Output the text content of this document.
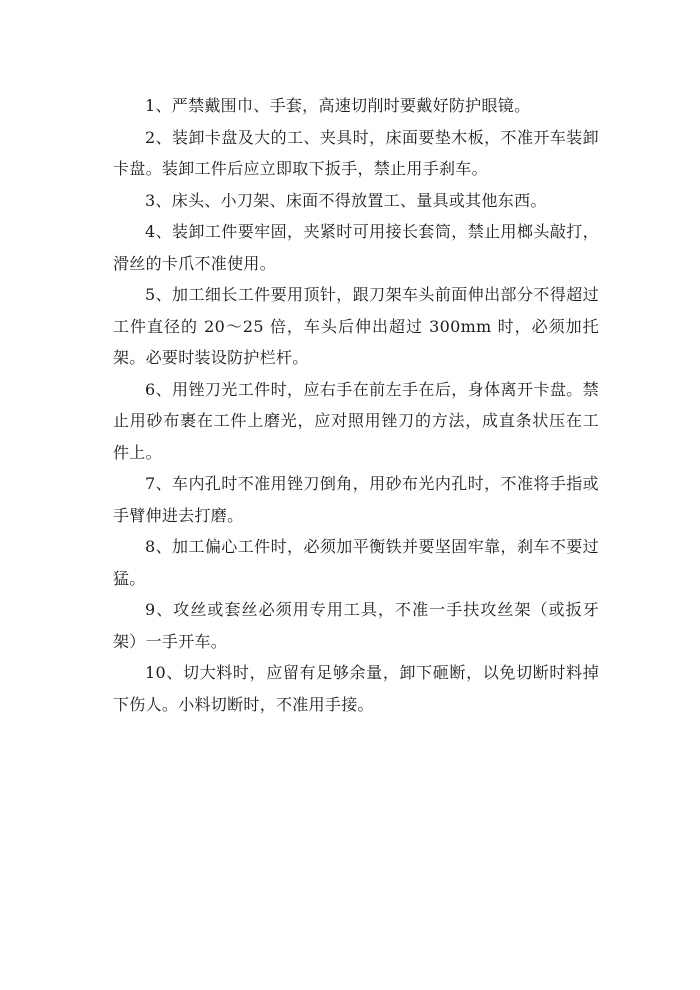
1、严禁戴围巾、手套，高速切削时要戴好防护眼镜。

2、装卸卡盘及大的工、夹具时，床面要垫木板，不准开车装卸卡盘。装卸工件后应立即取下扳手，禁止用手刹车。

3、床头、小刀架、床面不得放置工、量具或其他东西。

4、装卸工件要牢固，夹紧时可用接长套筒，禁止用榔头敲打，滑丝的卡爪不准使用。

5、加工细长工件要用顶针，跟刀架车头前面伸出部分不得超过工件直径的 20～25 倍，车头后伸出超过 300mm 时，必须加托架。必要时装设防护栏杆。

6、用锉刀光工件时，应右手在前左手在后，身体离开卡盘。禁止用砂布裹在工件上磨光，应对照用锉刀的方法，成直条状压在工件上。

7、车内孔时不准用锉刀倒角，用砂布光内孔时，不准将手指或手臂伸进去打磨。

8、加工偏心工件时，必须加平衡铁并要坚固牢靠，刹车不要过猛。

9、攻丝或套丝必须用专用工具，不准一手扶攻丝架（或扳牙架）一手开车。

10、切大料时，应留有足够余量，卸下砸断，以免切断时料掉下伤人。小料切断时，不准用手接。
